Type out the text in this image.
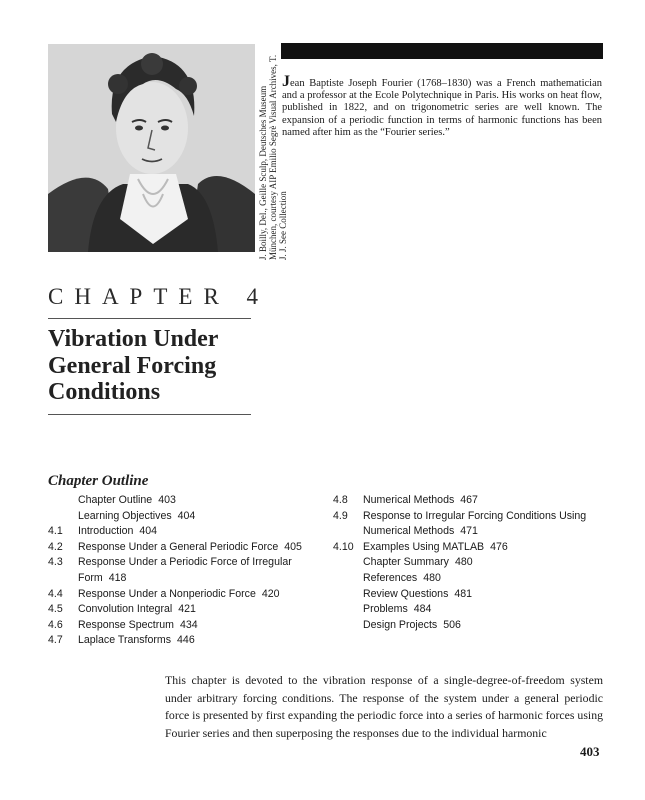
J. Boilly, Del., Geille Sculp, Deutsches Museum München, courtesy AIP Emilio Segrè Visual Archives, T. J. J. See Collection
Jean Baptiste Joseph Fourier (1768–1830) was a French mathematician and a professor at the Ecole Polytechnique in Paris. His works on heat flow, published in 1822, and on trigonometric series are well known. The expansion of a periodic function in terms of harmonic functions has been named after him as the “Fourier series.”
CHAPTER 4
Vibration Under General Forcing Conditions
Chapter Outline
Chapter Outline 403
Learning Objectives 404
4.1 Introduction 404
4.2 Response Under a General Periodic Force 405
4.3 Response Under a Periodic Force of Irregular Form 418
4.4 Response Under a Nonperiodic Force 420
4.5 Convolution Integral 421
4.6 Response Spectrum 434
4.7 Laplace Transforms 446
4.8 Numerical Methods 467
4.9 Response to Irregular Forcing Conditions Using Numerical Methods 471
4.10 Examples Using MATLAB 476
Chapter Summary 480
References 480
Review Questions 481
Problems 484
Design Projects 506
This chapter is devoted to the vibration response of a single-degree-of-freedom system under arbitrary forcing conditions. The response of the system under a general periodic force is presented by first expanding the periodic force into a series of harmonic forces using Fourier series and then superposing the responses due to the individual harmonic
403
